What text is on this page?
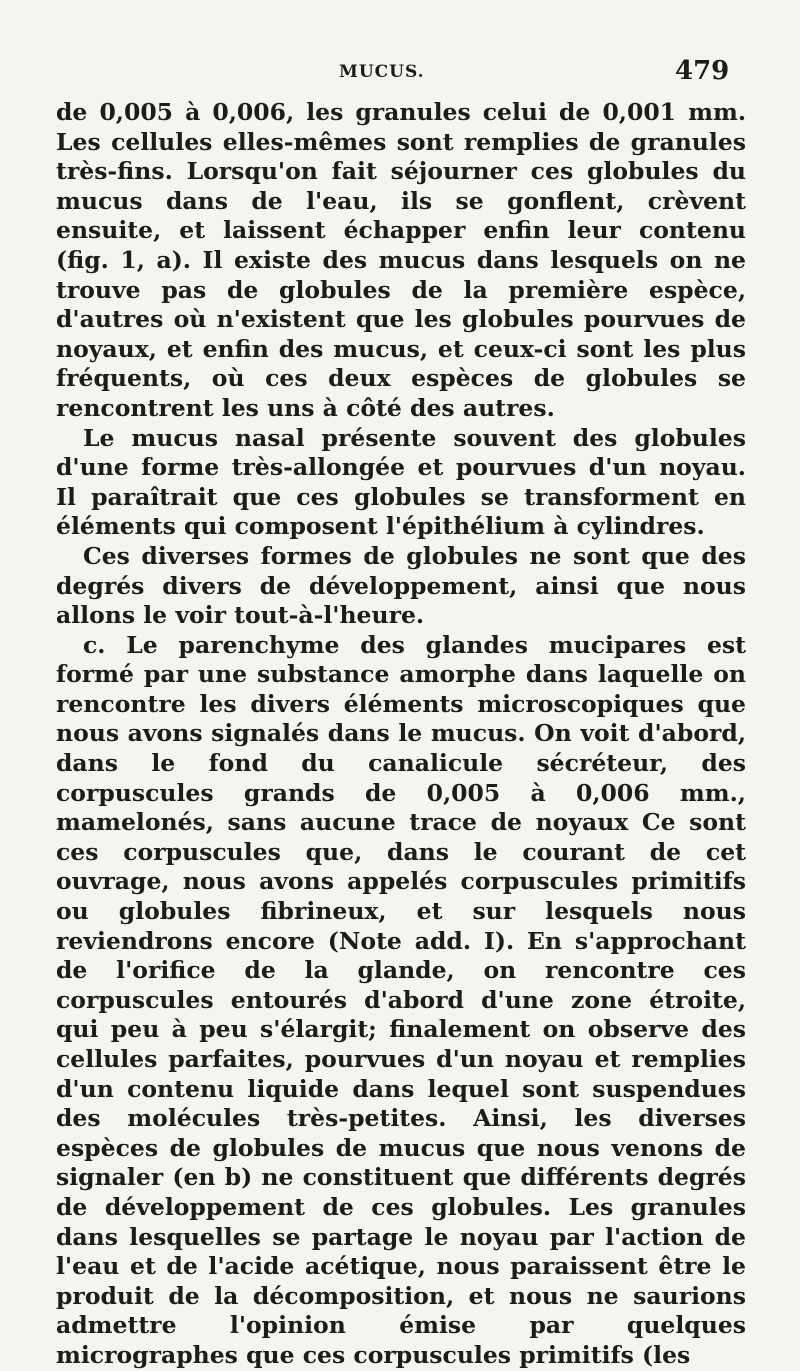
MUCUS.	479

de 0,005 à 0,006, les granules celui de 0,001 mm. Les cellules elles-mêmes sont remplies de granules très-fins. Lorsqu'on fait séjourner ces globules du mucus dans de l'eau, ils se gonflent, crèvent ensuite, et laissent échapper enfin leur contenu (fig. 1, a). Il existe des mucus dans lesquels on ne trouve pas de globules de la première espèce, d'autres où n'existent que les globules pourvues de noyaux, et enfin des mucus, et ceux-ci sont les plus fréquents, où ces deux espèces de globules se rencontrent les uns à côté des autres.

Le mucus nasal présente souvent des globules d'une forme très-allongée et pourvues d'un noyau. Il paraîtrait que ces globules se transforment en éléments qui composent l'épithélium à cylindres.

Ces diverses formes de globules ne sont que des degrés divers de développement, ainsi que nous allons le voir tout-à-l'heure.

c. Le parenchyme des glandes mucipares est formé par une substance amorphe dans laquelle on rencontre les divers éléments microscopiques que nous avons signalés dans le mucus. On voit d'abord, dans le fond du canalicule sécréteur, des corpuscules grands de 0,005 à 0,006 mm., mamelonés, sans aucune trace de noyaux Ce sont ces corpuscules que, dans le courant de cet ouvrage, nous avons appelés corpuscules primitifs ou globules fibrineux, et sur lesquels nous reviendrons encore (Note add. I). En s'approchant de l'orifice de la glande, on rencontre ces corpuscules entourés d'abord d'une zone étroite, qui peu à peu s'élargit; finalement on observe des cellules parfaites, pourvues d'un noyau et remplies d'un contenu liquide dans lequel sont suspendues des molécules très-petites. Ainsi, les diverses espèces de globules de mucus que nous venons de signaler (en b) ne constituent que différents degrés de développement de ces globules. Les granules dans lesquelles se partage le noyau par l'action de l'eau et de l'acide acétique, nous paraissent être le produit de la décomposition, et nous ne saurions admettre l'opinion émise par quelques micrographes que ces corpuscules primitifs (les
